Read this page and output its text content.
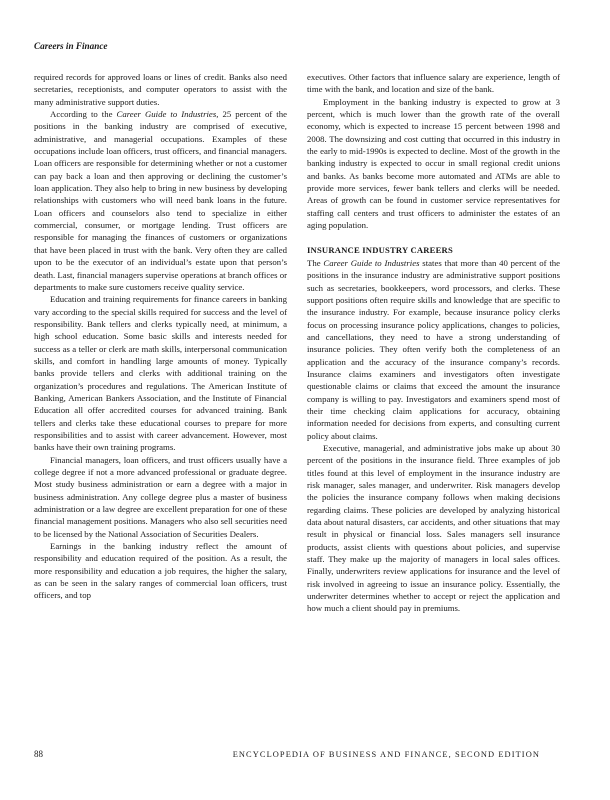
Careers in Finance

required records for approved loans or lines of credit. Banks also need secretaries, receptionists, and computer operators to assist with the many administrative support duties.

According to the Career Guide to Industries, 25 percent of the positions in the banking industry are comprised of executive, administrative, and managerial occupations. Examples of these occupations include loan officers, trust officers, and financial managers. Loan officers are responsible for determining whether or not a customer can pay back a loan and then approving or declining the customer’s loan application. They also help to bring in new business by developing relationships with customers who will need bank loans in the future. Loan officers and counselors also tend to specialize in either commercial, consumer, or mortgage lending. Trust officers are responsible for managing the finances of customers or organizations that have been placed in trust with the bank. Very often they are called upon to be the executor of an individual’s estate upon that person’s death. Last, financial managers supervise operations at branch offices or departments to make sure customers receive quality service.

Education and training requirements for finance careers in banking vary according to the special skills required for success and the level of responsibility. Bank tellers and clerks typically need, at minimum, a high school education. Some basic skills and interests needed for success as a teller or clerk are math skills, interpersonal communication skills, and comfort in handling large amounts of money. Typically banks provide tellers and clerks with additional training on the organization’s procedures and regulations. The American Institute of Banking, American Bankers Association, and the Institute of Financial Education all offer accredited courses for advanced training. Bank tellers and clerks take these educational courses to prepare for more responsibilities and to assist with career advancement. However, most banks have their own training programs.

Financial managers, loan officers, and trust officers usually have a college degree if not a more advanced professional or graduate degree. Most study business administration or earn a degree with a major in business administration. Any college degree plus a master of business administration or a law degree are excellent preparation for one of these financial management positions. Managers who also sell securities need to be licensed by the National Association of Securities Dealers.

Earnings in the banking industry reflect the amount of responsibility and education required of the position. As a result, the more responsibility and education a job requires, the higher the salary, as can be seen in the salary ranges of commercial loan officers, trust officers, and top

executives. Other factors that influence salary are experience, length of time with the bank, and location and size of the bank.

Employment in the banking industry is expected to grow at 3 percent, which is much lower than the growth rate of the overall economy, which is expected to increase 15 percent between 1998 and 2008. The downsizing and cost cutting that occurred in this industry in the early to mid-1990s is expected to decline. Most of the growth in the banking industry is expected to occur in small regional credit unions and banks. As banks become more automated and ATMs are able to provide more services, fewer bank tellers and clerks will be needed. Areas of growth can be found in customer service representatives for staffing call centers and trust officers to administer the estates of an aging population.

INSURANCE INDUSTRY CAREERS

The Career Guide to Industries states that more than 40 percent of the positions in the insurance industry are administrative support positions such as secretaries, bookkeepers, word processors, and clerks. These support positions often require skills and knowledge that are specific to the insurance industry. For example, because insurance policy clerks focus on processing insurance policy applications, changes to policies, and cancellations, they need to have a strong understanding of insurance policies. They often verify both the completeness of an application and the accuracy of the insurance company’s records. Insurance claims examiners and investigators often investigate questionable claims or claims that exceed the amount the insurance company is willing to pay. Investigators and examiners spend most of their time checking claim applications for accuracy, obtaining information needed for decisions from experts, and consulting current policy about claims.

Executive, managerial, and administrative jobs make up about 30 percent of the positions in the insurance field. Three examples of job titles found at this level of employment in the insurance industry are risk manager, sales manager, and underwriter. Risk managers develop the policies the insurance company follows when making decisions regarding claims. These policies are developed by analyzing historical data about natural disasters, car accidents, and other situations that may result in physical or financial loss. Sales managers sell insurance products, assist clients with questions about policies, and supervise staff. They make up the majority of managers in local sales offices. Finally, underwriters review applications for insurance and the level of risk involved in agreeing to issue an insurance policy. Essentially, the underwriter determines whether to accept or reject the application and how much a client should pay in premiums.

88	ENCYCLOPEDIA OF BUSINESS AND FINANCE, SECOND EDITION
